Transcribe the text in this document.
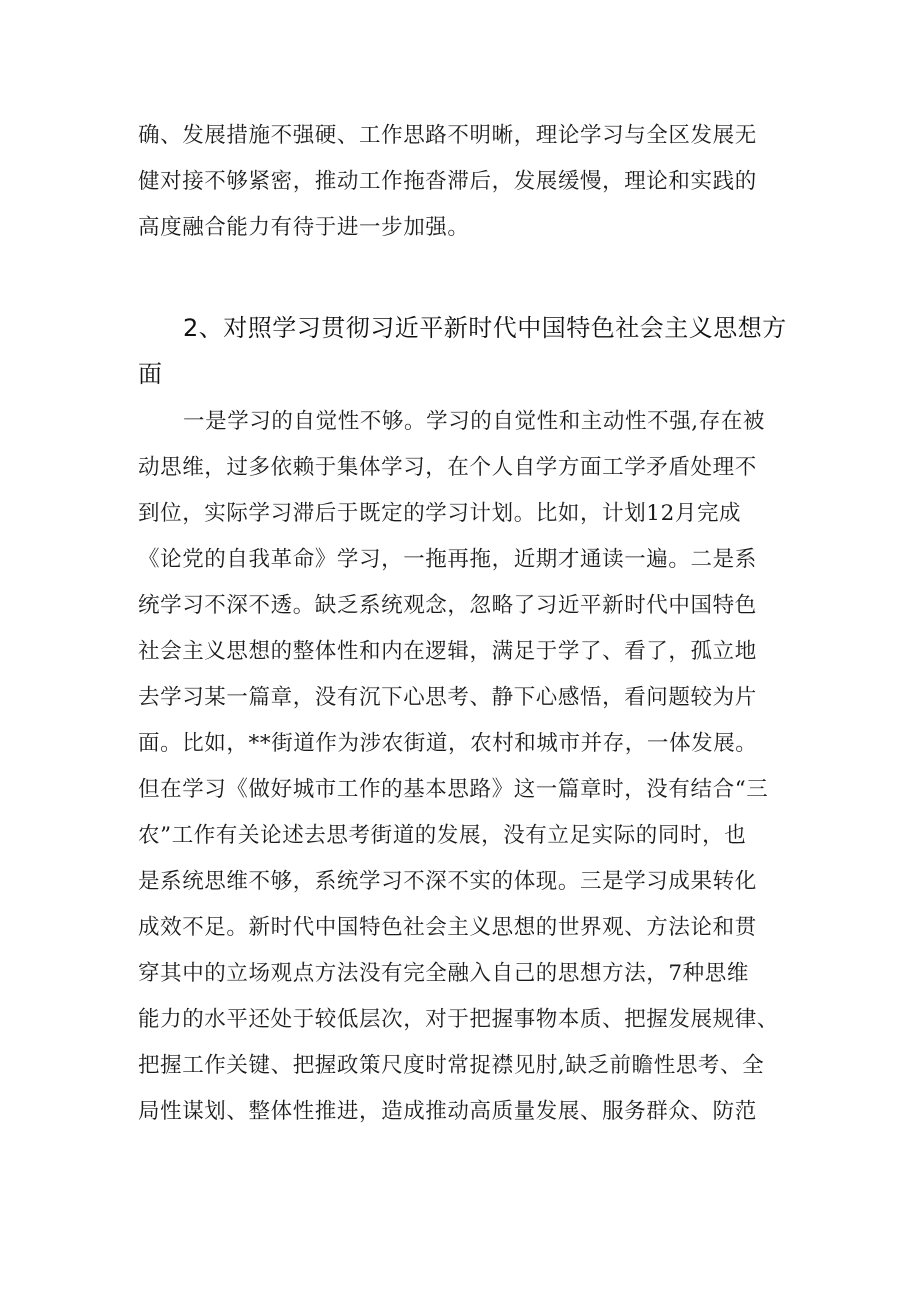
确、发展措施不强硬、工作思路不明晰，理论学习与全区发展无
健对接不够紧密，推动工作拖沓滞后，发展缓慢，理论和实践的
高度融合能力有待于进一步加强。
2、对照学习贯彻习近平新时代中国特色社会主义思想方
面
一是学习的自觉性不够。学习的自觉性和主动性不强,存在被
动思维，过多依赖于集体学习，在个人自学方面工学矛盾处理不
到位，实际学习滞后于既定的学习计划。比如，计划12月完成
《论党的自我革命》学习，一拖再拖，近期才通读一遍。二是系
统学习不深不透。缺乏系统观念，忽略了习近平新时代中国特色
社会主义思想的整体性和内在逻辑，满足于学了、看了，孤立地
去学习某一篇章，没有沉下心思考、静下心感悟，看问题较为片
面。比如，**街道作为涉农街道，农村和城市并存，一体发展。
但在学习《做好城市工作的基本思路》这一篇章时，没有结合“三
农”工作有关论述去思考街道的发展，没有立足实际的同时，也
是系统思维不够，系统学习不深不实的体现。三是学习成果转化
成效不足。新时代中国特色社会主义思想的世界观、方法论和贯
穿其中的立场观点方法没有完全融入自己的思想方法，7种思维
能力的水平还处于较低层次，对于把握事物本质、把握发展规律、
把握工作关键、把握政策尺度时常捉襟见肘,缺乏前瞻性思考、全
局性谋划、整体性推进，造成推动高质量发展、服务群众、防范
